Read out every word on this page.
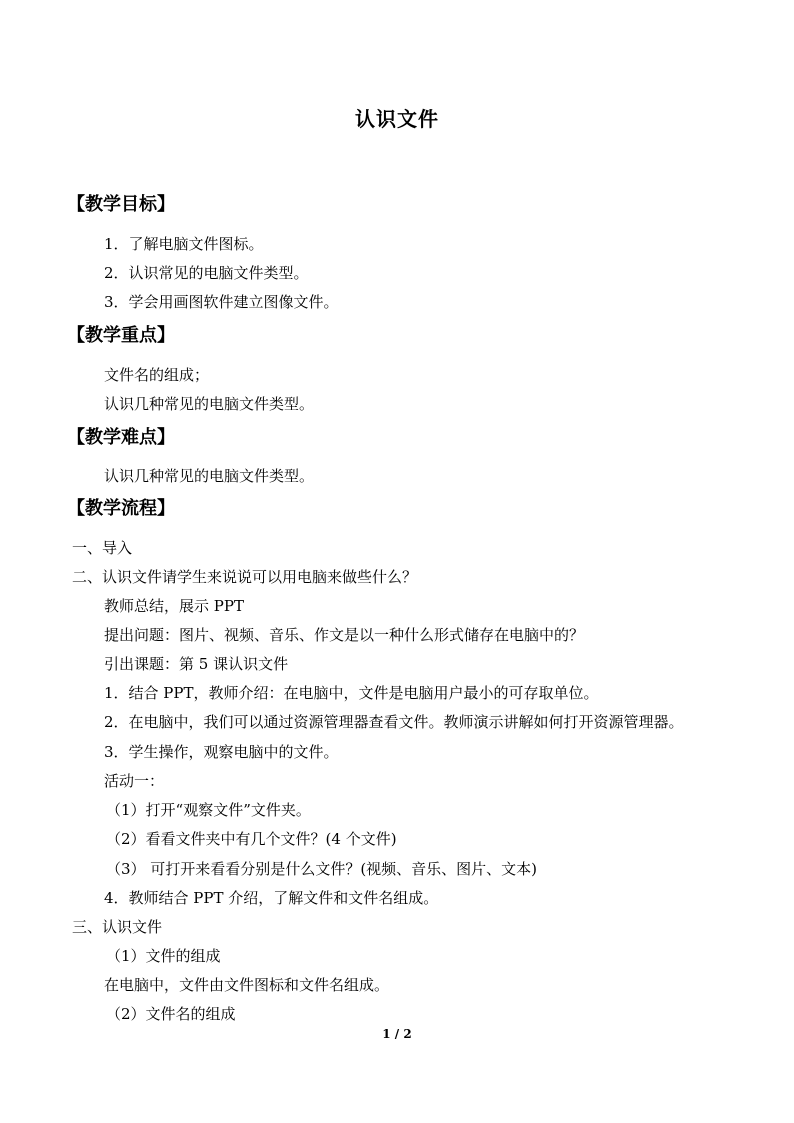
认识文件
【教学目标】
1．了解电脑文件图标。
2．认识常见的电脑文件类型。
3．学会用画图软件建立图像文件。
【教学重点】
文件名的组成；
认识几种常见的电脑文件类型。
【教学难点】
认识几种常见的电脑文件类型。
【教学流程】
一、导入
二、认识文件请学生来说说可以用电脑来做些什么？
教师总结，展示 PPT
提出问题：图片、视频、音乐、作文是以一种什么形式储存在电脑中的？
引出课题：第 5 课认识文件
1．结合 PPT，教师介绍：在电脑中，文件是电脑用户最小的可存取单位。
2．在电脑中，我们可以通过资源管理器查看文件。教师演示讲解如何打开资源管理器。
3．学生操作，观察电脑中的文件。
活动一：
（1）打开“观察文件”文件夹。
（2）看看文件夹中有几个文件？(4 个文件)
（3） 可打开来看看分别是什么文件？(视频、音乐、图片、文本)
4．教师结合 PPT 介绍，了解文件和文件名组成。
三、认识文件
（1）文件的组成
在电脑中，文件由文件图标和文件名组成。
（2）文件名的组成
1 / 2
